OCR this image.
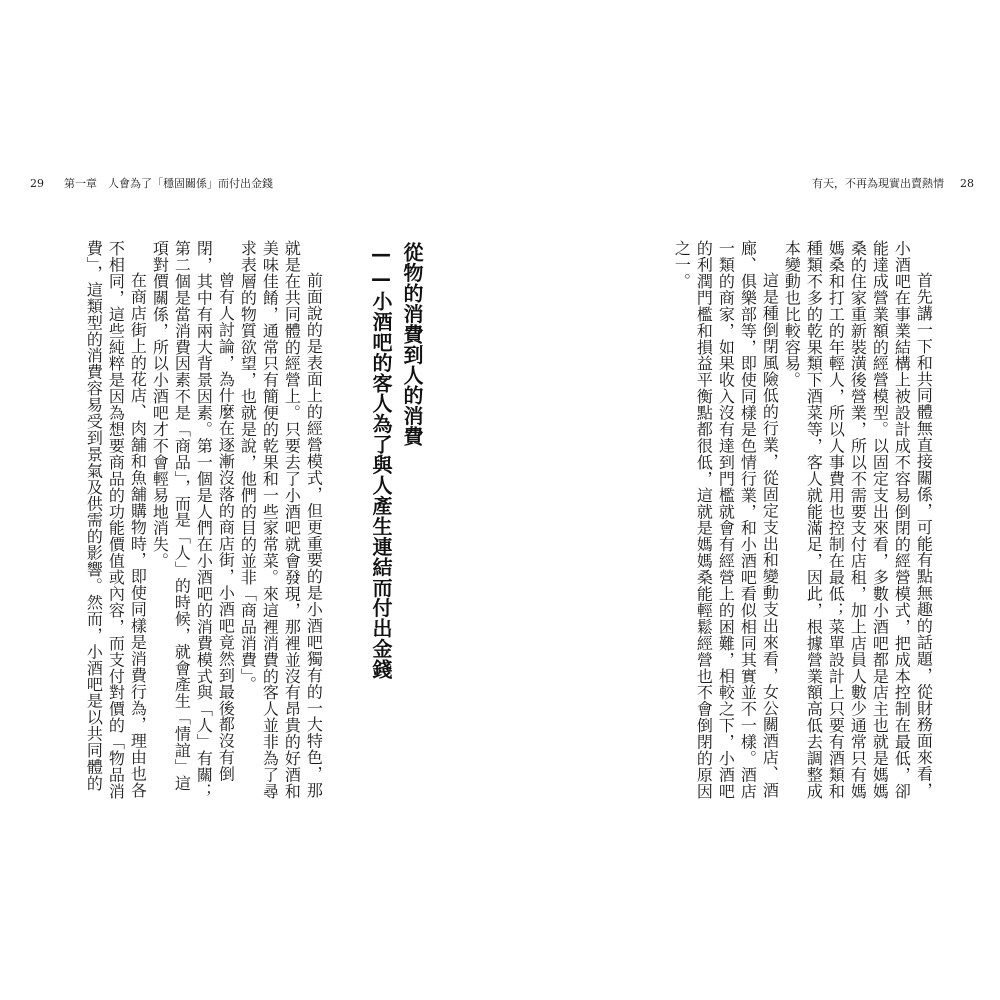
29 第一章　人會為了「穩固關係」而付出金錢	有天，不再為現實出賣熱情 28
首先講一下和共同體無直接關係，可能有點無趣的話題，從財務面來看，
小酒吧在事業結構上被設計成不容易倒閉的經營模式，把成本控制在最低，卻
能達成營業額的經營模型。以固定支出來看，多數小酒吧都是店主也就是媽媽
桑的住家重新裝潢後營業，所以不需要支付店租，加上店員人數少通常只有媽
媽桑和打工的年輕人，所以人事費用也控制在最低；菜單設計上只要有酒類和
種類不多的乾果類下酒菜等，客人就能滿足，因此，根據營業額高低去調整成
本變動也比較容易。
這是種倒閉風險低的行業，從固定支出和變動支出來看，女公關酒店、酒
廊、俱樂部等，即使同樣是色情行業，和小酒吧看似相同其實並不一樣。酒店
一類的商家，如果收入沒有達到門檻就會有經營上的困難，相較之下，小酒吧
的利潤門檻和損益平衡點都很低，這就是媽媽桑能輕鬆經營也不會倒閉的原因
之一。
從物的消費到人的消費
——小酒吧的客人為了與人產生連結而付出金錢
前面說的是表面上的經營模式，但更重要的是小酒吧獨有的一大特色，那
就是在共同體的經營上。只要去了小酒吧就會發現，那裡並沒有昂貴的好酒和
美味佳餚，通常只有簡便的乾果和一些家常菜。來這裡消費的客人並非為了尋
求表層的物質欲望，也就是說，他們的目的並非「商品消費」。
曾有人討論，為什麼在逐漸沒落的商店街，小酒吧竟然到最後都沒有倒
閉，其中有兩大背景因素。第一個是人們在小酒吧的消費模式與「人」有關；
第二個是當消費因素不是「商品」，而是「人」的時候，就會產生「情誼」這
項對價關係，所以小酒吧才不會輕易地消失。
在商店街上的花店、肉舖和魚舖購物時，即使同樣是消費行為，理由也各
不相同，這些純粹是因為想要商品的功能價值或內容，而支付對價的「物品消
費」，這類型的消費容易受到景氣及供需的影響。然而，小酒吧是以共同體的
